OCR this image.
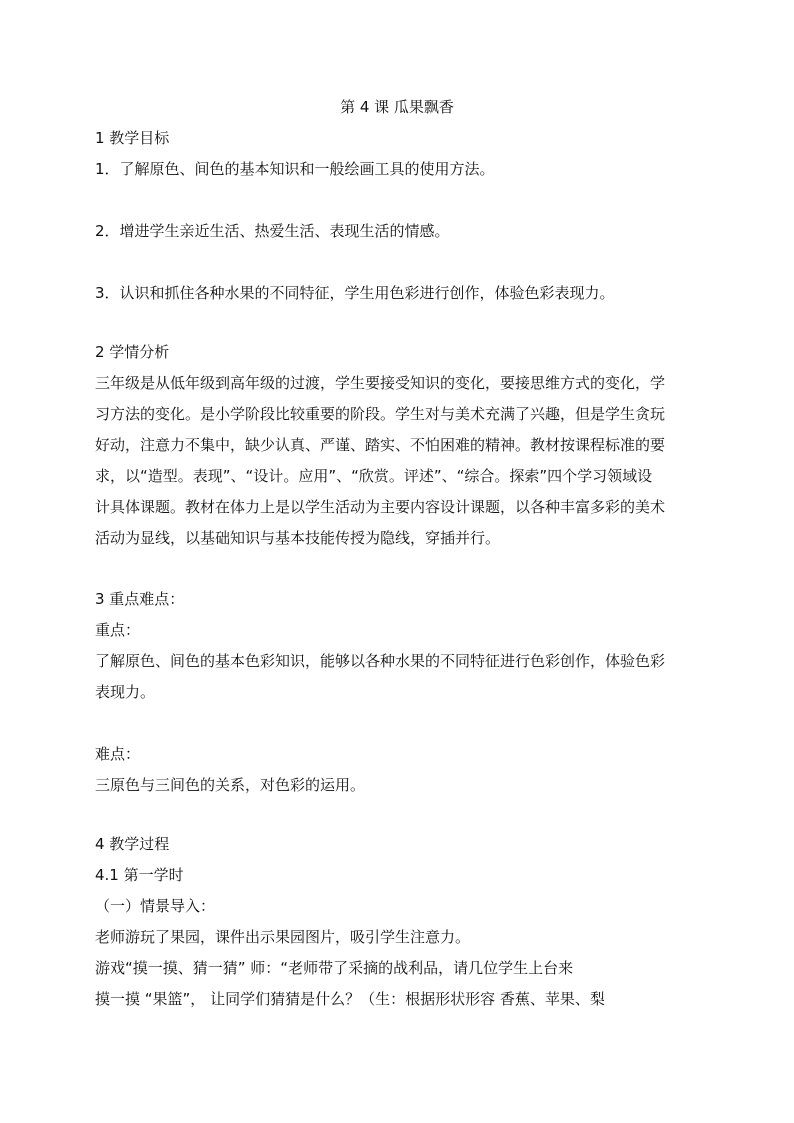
第 4 课 瓜果飘香
1 教学目标
1．了解原色、间色的基本知识和一般绘画工具的使用方法。
2．增进学生亲近生活、热爱生活、表现生活的情感。
3．认识和抓住各种水果的不同特征，学生用色彩进行创作，体验色彩表现力。
2 学情分析
三年级是从低年级到高年级的过渡，学生要接受知识的变化，要接思维方式的变化，学
习方法的变化。是小学阶段比较重要的阶段。学生对与美术充满了兴趣，但是学生贪玩
好动，注意力不集中，缺少认真、严谨、踏实、不怕困难的精神。教材按课程标准的要
求，以“造型。表现”、“设计。应用”、“欣赏。评述”、“综合。探索”四个学习领域设
计具体课题。教材在体力上是以学生活动为主要内容设计课题，以各种丰富多彩的美术
活动为显线，以基础知识与基本技能传授为隐线，穿插并行。
3 重点难点：
重点：
了解原色、间色的基本色彩知识，能够以各种水果的不同特征进行色彩创作，体验色彩
表现力。
难点：
三原色与三间色的关系，对色彩的运用。
4 教学过程
4.1 第一学时
（一）情景导入：
老师游玩了果园，课件出示果园图片，吸引学生注意力。
游戏“摸一摸、猜一猜” 师：“老师带了采摘的战利品，请几位学生上台来
摸一摸 “果篮”， 让同学们猜猜是什么？（生：根据形状形容 香蕉、苹果、梨
